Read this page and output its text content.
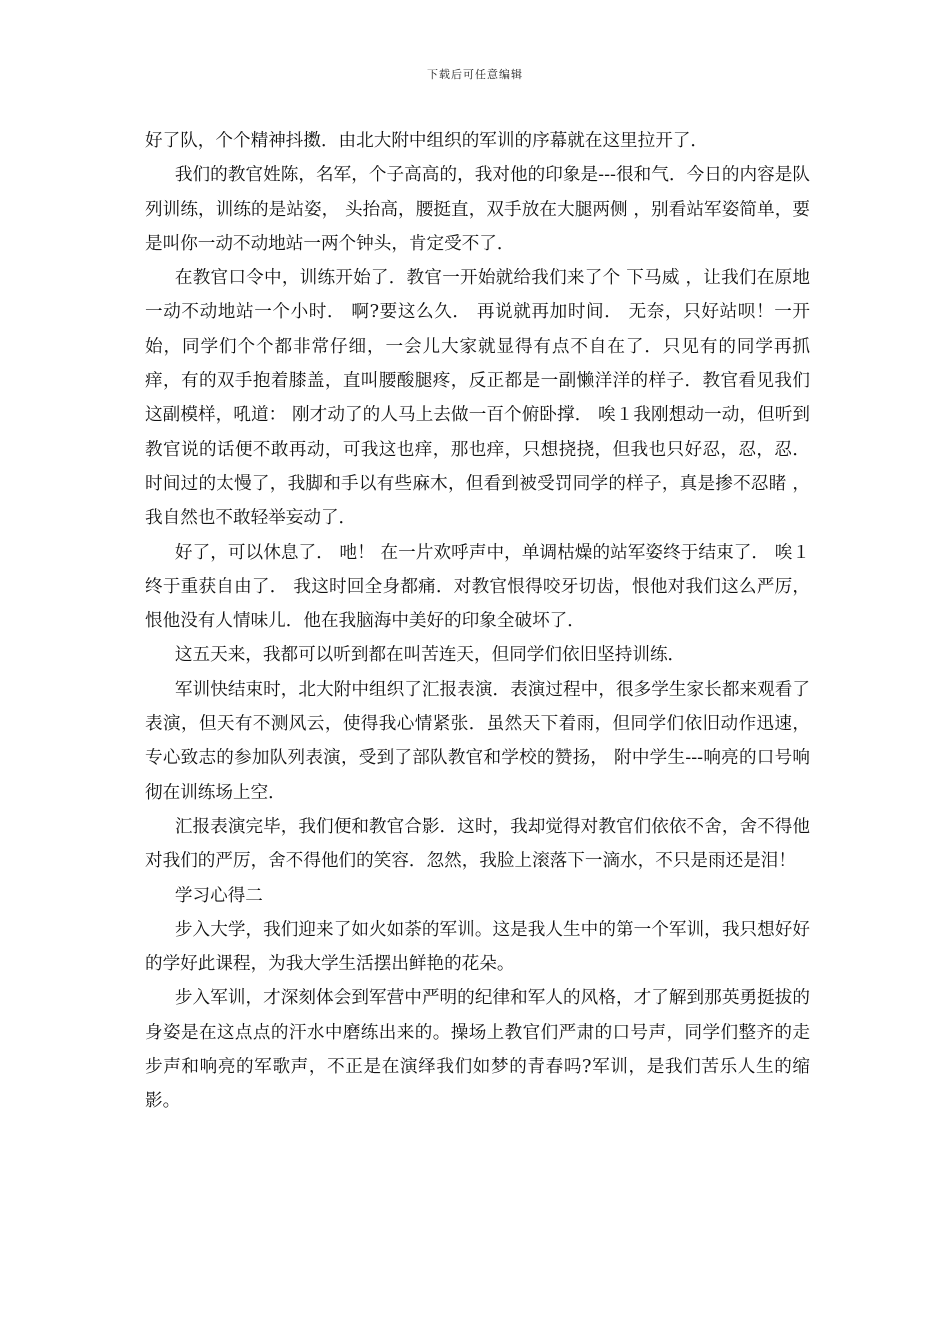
下载后可任意编辑

好了队，个个精神抖擞．由北大附中组织的军训的序幕就在这里拉开了．

我们的教官姓陈，名军，个子高高的，我对他的印象是---很和气．今日的内容是队列训练，训练的是站姿， 头抬高，腰挺直，双手放在大腿两侧 ，别看站军姿简单，要是叫你一动不动地站一两个钟头，肯定受不了．

在教官口令中，训练开始了．教官一开始就给我们来了个 下马威 ，让我们在原地一动不动地站一个小时． 啊?要这么久． 再说就再加时间． 无奈，只好站呗！一开始，同学们个个都非常仔细，一会儿大家就显得有点不自在了．只见有的同学再抓痒，有的双手抱着膝盖，直叫腰酸腿疼，反正都是一副懒洋洋的样子．教官看见我们这副模样，吼道： 刚才动了的人马上去做一百个俯卧撑． 唉１我刚想动一动，但听到教官说的话便不敢再动，可我这也痒，那也痒，只想挠挠，但我也只好忍，忍，忍．时间过的太慢了，我脚和手以有些麻木，但看到被受罚同学的样子，真是掺不忍睹 ，我自然也不敢轻举妄动了．

好了，可以休息了． 吔！ 在一片欢呼声中，单调枯燥的站军姿终于结束了． 唉１终于重获自由了． 我这时回全身都痛．对教官恨得咬牙切齿，恨他对我们这么严厉，恨他没有人情味儿．他在我脑海中美好的印象全破坏了．

这五天来，我都可以听到都在叫苦连天，但同学们依旧坚持训练．

军训快结束时，北大附中组织了汇报表演．表演过程中，很多学生家长都来观看了表演，但天有不测风云，使得我心情紧张．虽然天下着雨，但同学们依旧动作迅速，专心致志的参加队列表演，受到了部队教官和学校的赞扬， 附中学生---响亮的口号响彻在训练场上空．

汇报表演完毕，我们便和教官合影．这时，我却觉得对教官们依依不舍，舍不得他对我们的严厉，舍不得他们的笑容．忽然，我脸上滚落下一滴水，不只是雨还是泪！

学习心得二

步入大学，我们迎来了如火如荼的军训。这是我人生中的第一个军训，我只想好好的学好此课程，为我大学生活摆出鲜艳的花朵。

步入军训，才深刻体会到军营中严明的纪律和军人的风格，才了解到那英勇挺拔的身姿是在这点点的汗水中磨练出来的。操场上教官们严肃的口号声，同学们整齐的走步声和响亮的军歌声，不正是在演绎我们如梦的青春吗?军训，是我们苦乐人生的缩影。
